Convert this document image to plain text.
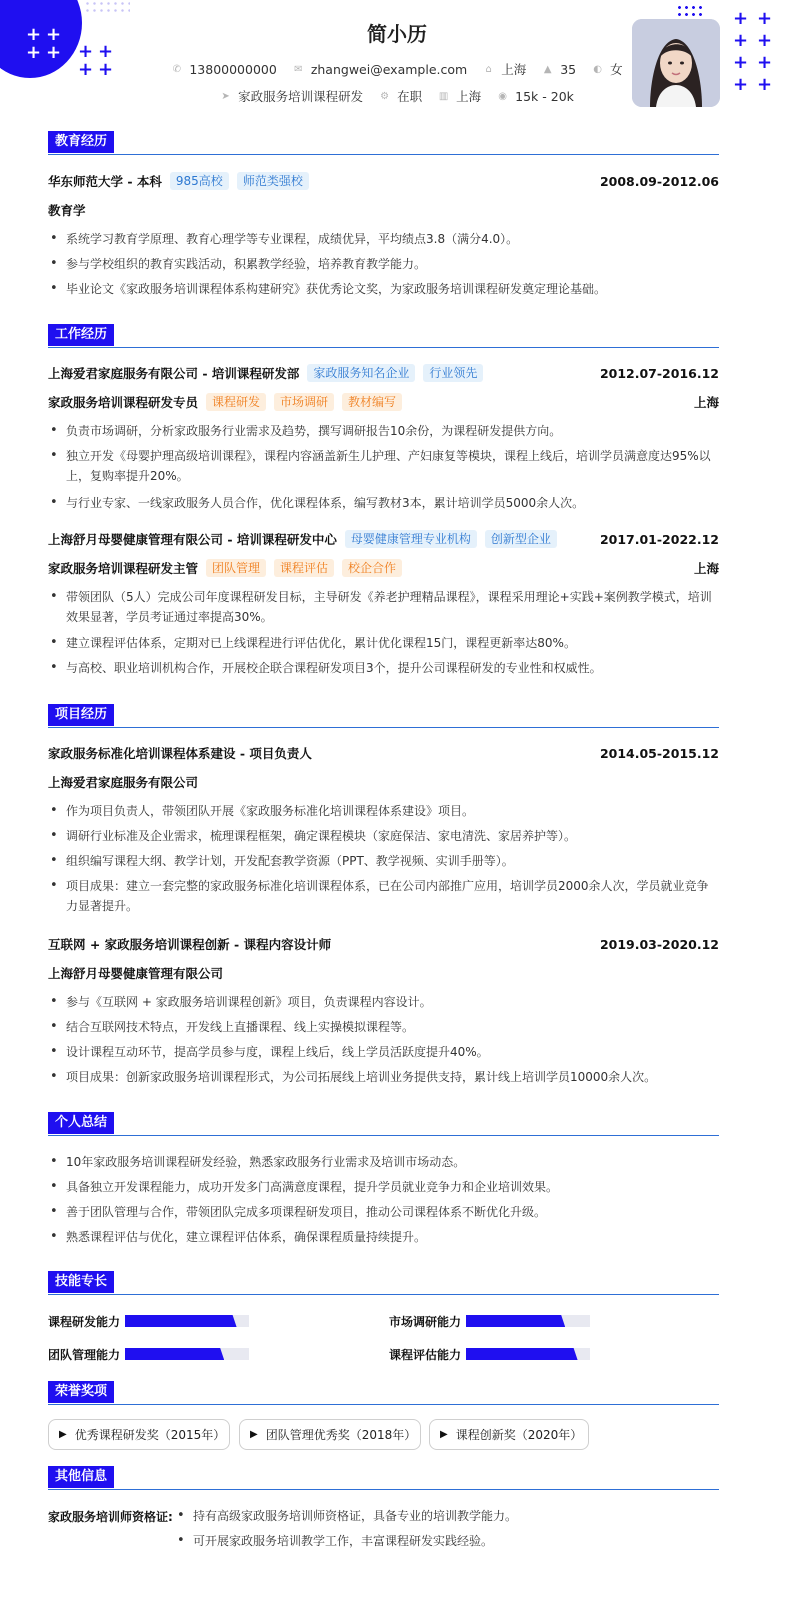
+ +
+ + + +
+ +
+ +
+ +
+ +
+ +
简小历
✆ 13800000000 ✉ zhangwei@example.com ⌂ 上海 ▲ 35 ◐ 女
➤ 家政服务培训课程研发 ⚙ 在职 ▥ 上海 ◉ 15k - 20k
教育经历
华东师范大学 - 本科	985高校	师范类强校	2008.09-2012.06
教育学
• 系统学习教育学原理、教育心理学等专业课程，成绩优异，平均绩点3.8（满分4.0）。
• 参与学校组织的教育实践活动，积累教学经验，培养教育教学能力。
• 毕业论文《家政服务培训课程体系构建研究》获优秀论文奖，为家政服务培训课程研发奠定理论基础。
工作经历
上海爱君家庭服务有限公司 - 培训课程研发部	家政服务知名企业	行业领先	2012.07-2016.12
家政服务培训课程研发专员	课程研发	市场调研	教材编写	上海
• 负责市场调研，分析家政服务行业需求及趋势，撰写调研报告10余份，为课程研发提供方向。
• 独立开发《母婴护理高级培训课程》，课程内容涵盖新生儿护理、产妇康复等模块，课程上线后，培训学员满意度达95%以上，复购率提升20%。
• 与行业专家、一线家政服务人员合作，优化课程体系，编写教材3本，累计培训学员5000余人次。
上海舒月母婴健康管理有限公司 - 培训课程研发中心	母婴健康管理专业机构	创新型企业	2017.01-2022.12
家政服务培训课程研发主管	团队管理	课程评估	校企合作	上海
• 带领团队（5人）完成公司年度课程研发目标，主导研发《养老护理精品课程》，课程采用理论+实践+案例教学模式，培训效果显著，学员考证通过率提高30%。
• 建立课程评估体系，定期对已上线课程进行评估优化，累计优化课程15门，课程更新率达80%。
• 与高校、职业培训机构合作，开展校企联合课程研发项目3个，提升公司课程研发的专业性和权威性。
项目经历
家政服务标准化培训课程体系建设 - 项目负责人	2014.05-2015.12
上海爱君家庭服务有限公司
• 作为项目负责人，带领团队开展《家政服务标准化培训课程体系建设》项目。
• 调研行业标准及企业需求，梳理课程框架，确定课程模块（家庭保洁、家电清洗、家居养护等）。
• 组织编写课程大纲、教学计划，开发配套教学资源（PPT、教学视频、实训手册等）。
• 项目成果：建立一套完整的家政服务标准化培训课程体系，已在公司内部推广应用，培训学员2000余人次，学员就业竞争力显著提升。
互联网 + 家政服务培训课程创新 - 课程内容设计师	2019.03-2020.12
上海舒月母婴健康管理有限公司
• 参与《互联网 + 家政服务培训课程创新》项目，负责课程内容设计。
• 结合互联网技术特点，开发线上直播课程、线上实操模拟课程等。
• 设计课程互动环节，提高学员参与度，课程上线后，线上学员活跃度提升40%。
• 项目成果：创新家政服务培训课程形式，为公司拓展线上培训业务提供支持，累计线上培训学员10000余人次。
个人总结
• 10年家政服务培训课程研发经验，熟悉家政服务行业需求及培训市场动态。
• 具备独立开发课程能力，成功开发多门高满意度课程，提升学员就业竞争力和企业培训效果。
• 善于团队管理与合作，带领团队完成多项课程研发项目，推动公司课程体系不断优化升级。
• 熟悉课程评估与优化，建立课程评估体系，确保课程质量持续提升。
技能专长
课程研发能力	市场调研能力
团队管理能力	课程评估能力
荣誉奖项
▶ 优秀课程研发奖（2015年） ▶ 团队管理优秀奖（2018年） ▶ 课程创新奖（2020年）
其他信息
家政服务培训师资格证:
•	持有高级家政服务培训师资格证，具备专业的培训教学能力。
• 可开展家政服务培训教学工作，丰富课程研发实践经验。
